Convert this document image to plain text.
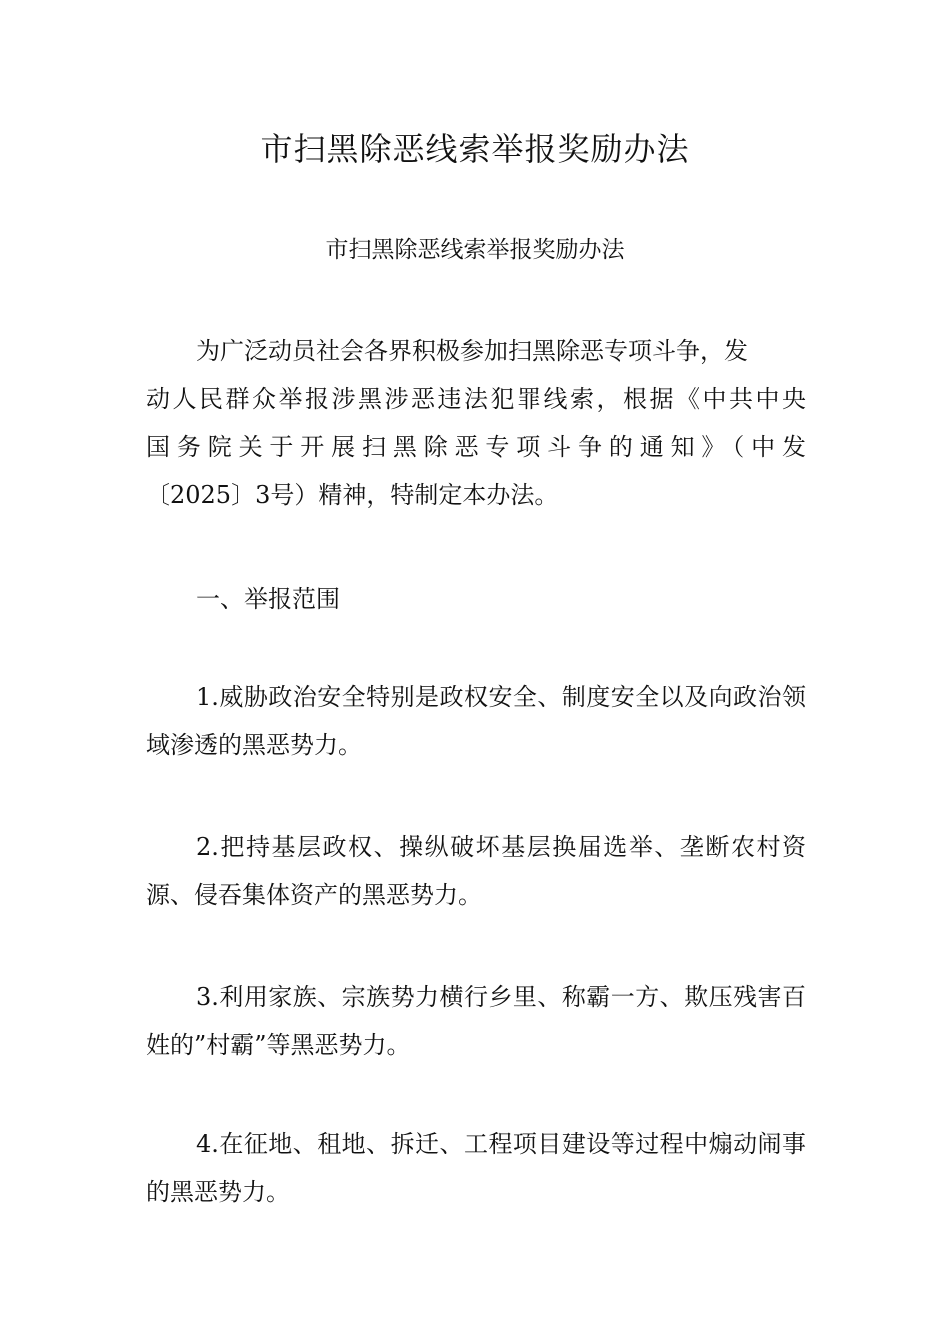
市扫黑除恶线索举报奖励办法

市扫黑除恶线索举报奖励办法

为广泛动员社会各界积极参加扫黑除恶专项斗争，发

动人民群众举报涉黑涉恶违法犯罪线索，根据《中共中央
国务院关于开展扫黑除恶专项斗争的通知》（中发
〔2025〕3号）精神，特制定本办法。

一、举报范围

1.威胁政治安全特别是政权安全、制度安全以及向政治领域渗透的黑恶势力。

2.把持基层政权、操纵破坏基层换届选举、垄断农村资源、侵吞集体资产的黑恶势力。

3.利用家族、宗族势力横行乡里、称霸一方、欺压残害百姓的”村霸”等黑恶势力。

4.在征地、租地、拆迁、工程项目建设等过程中煽动闹事的黑恶势力。
